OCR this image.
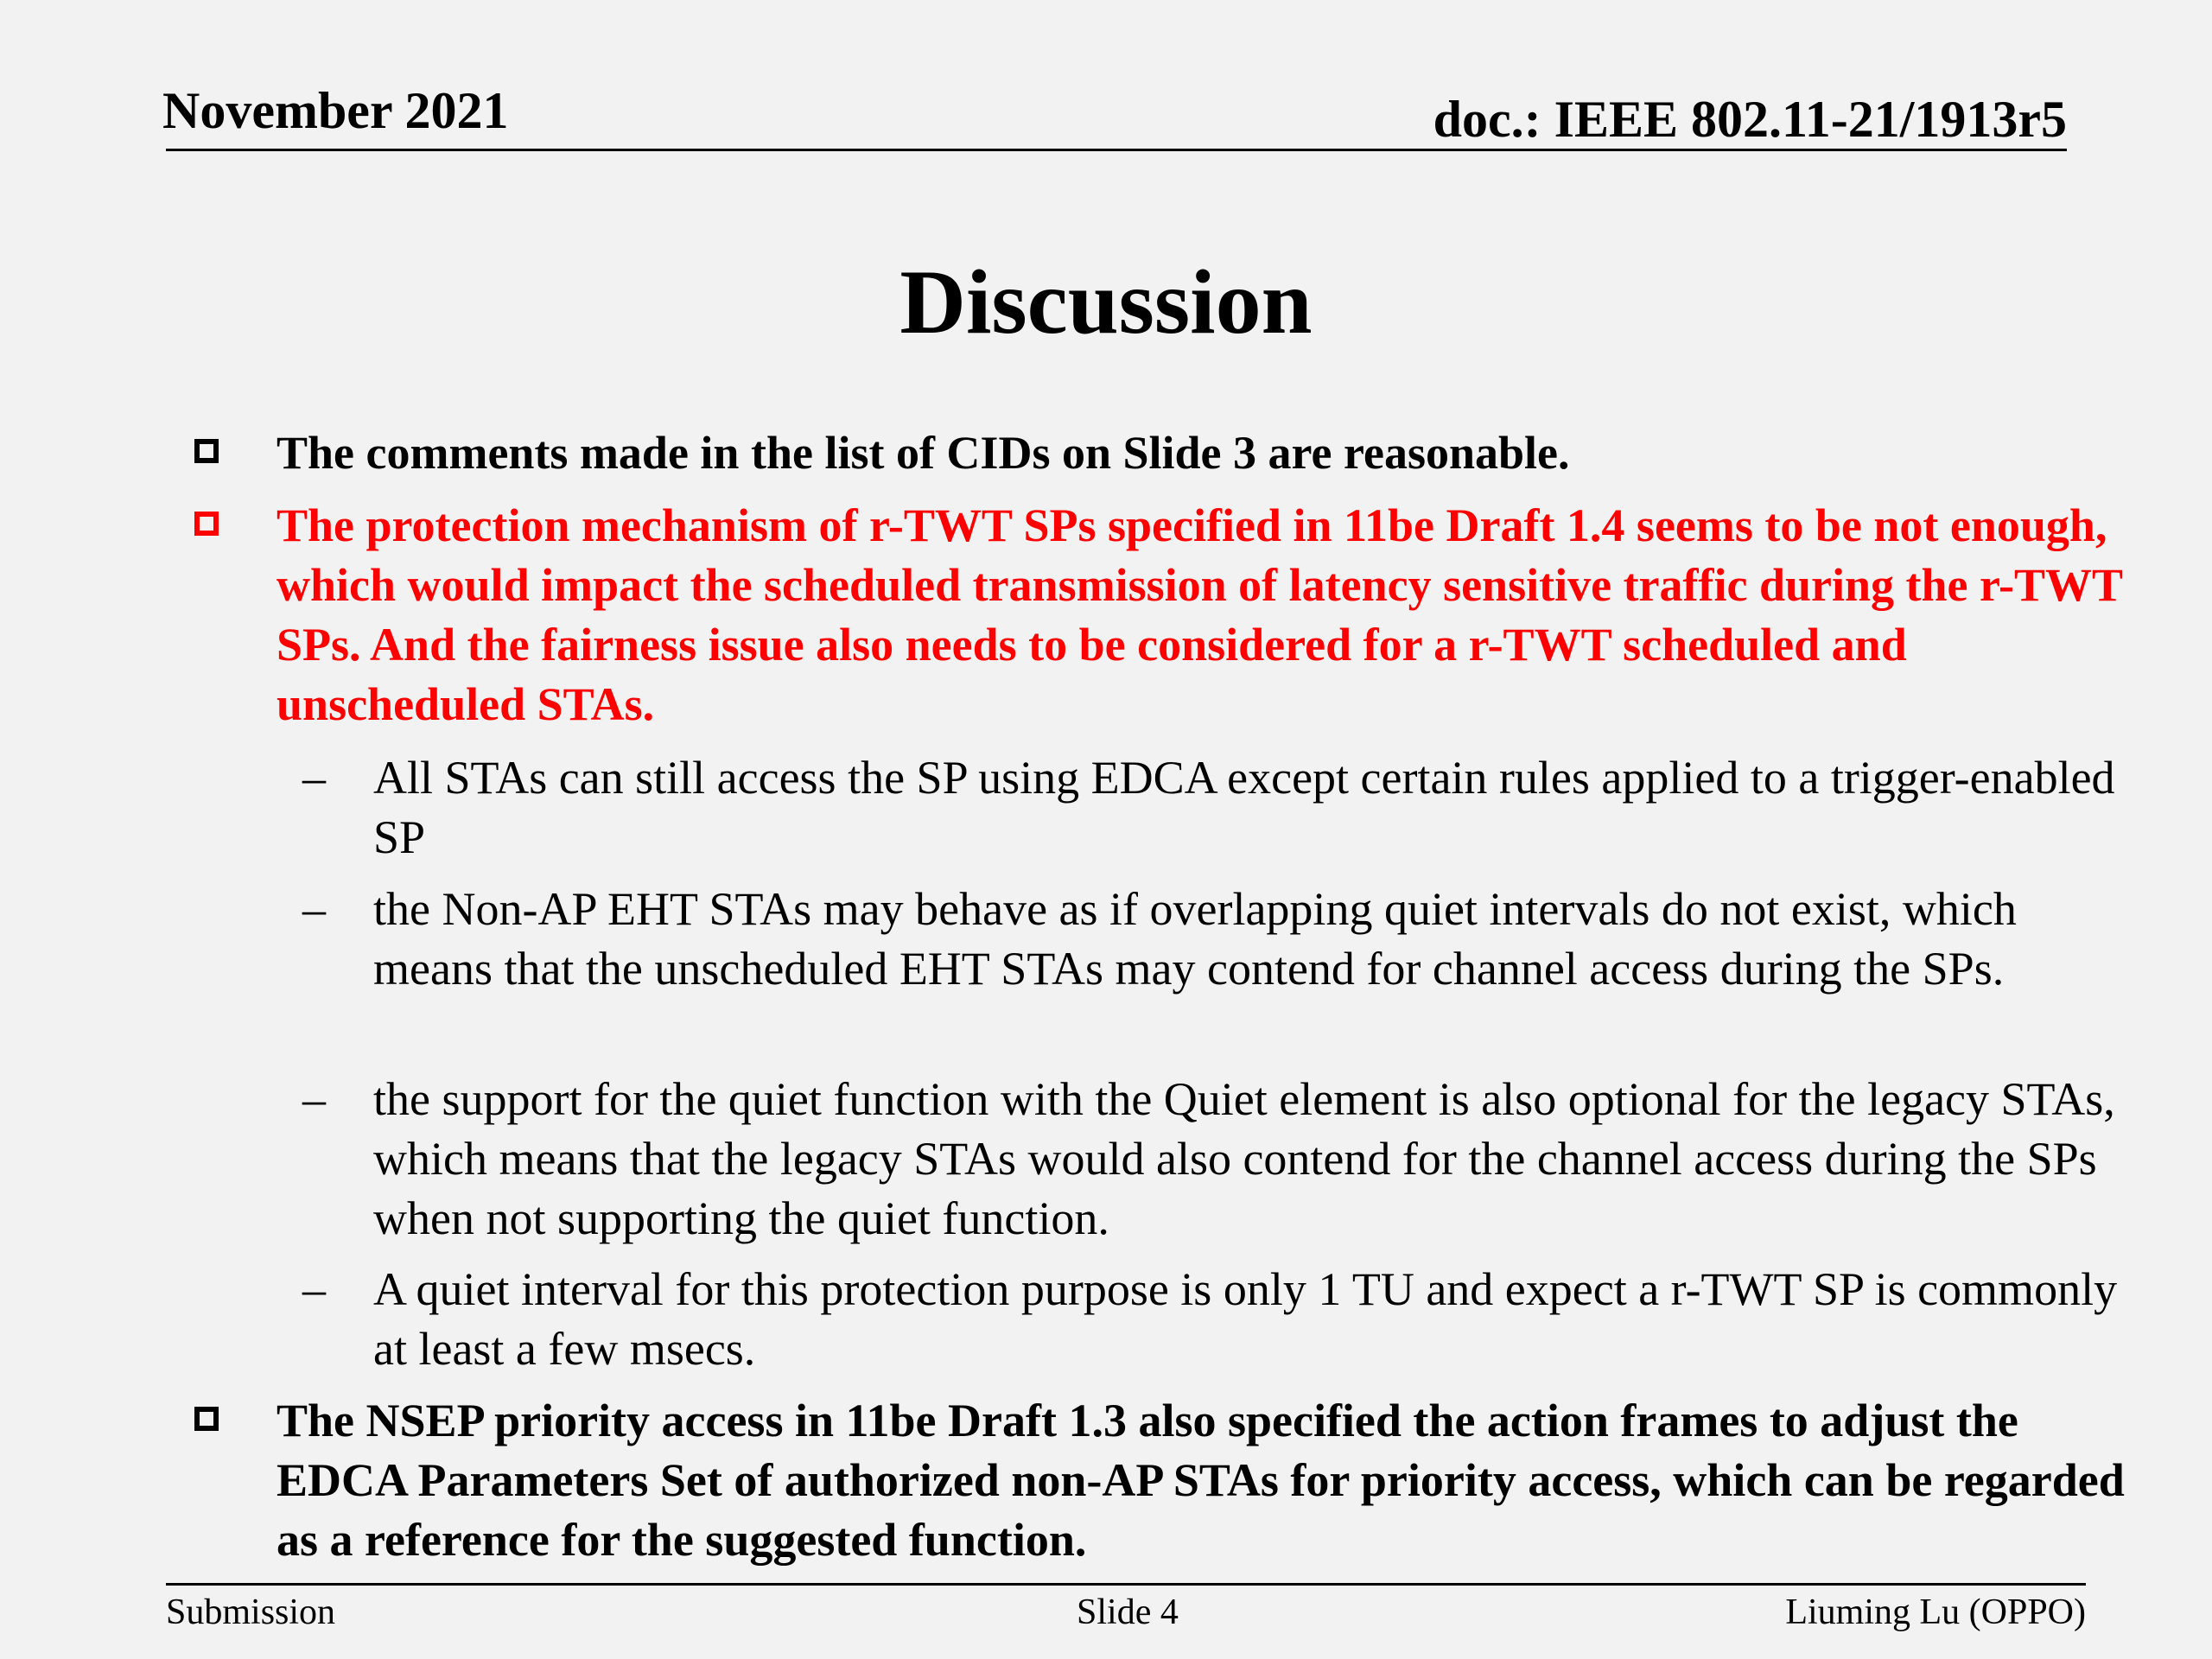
November 2021	doc.: IEEE 802.11-21/1913r5
Discussion
The comments made in the list of CIDs on Slide 3 are reasonable.
The protection mechanism of r-TWT SPs specified in 11be Draft 1.4 seems to be not enough, which would impact the scheduled transmission of latency sensitive traffic during the r-TWT SPs. And the fairness issue also needs to be considered for a r-TWT scheduled and unscheduled STAs.
– All STAs can still access the SP using EDCA except certain rules applied to a trigger-enabled SP
– the Non-AP EHT STAs may behave as if overlapping quiet intervals do not exist, which means that the unscheduled EHT STAs may contend for channel access during the SPs.
– the support for the quiet function with the Quiet element is also optional for the legacy STAs, which means that the legacy STAs would also contend for the channel access during the SPs when not supporting the quiet function.
– A quiet interval for this protection purpose is only 1 TU and expect a r-TWT SP is commonly at least a few msecs.
The NSEP priority access in 11be Draft 1.3 also specified the action frames to adjust the EDCA Parameters Set of authorized non-AP STAs for priority access, which can be regarded as a reference for the suggested function.
Submission	Slide 4	Liuming Lu (OPPO)
